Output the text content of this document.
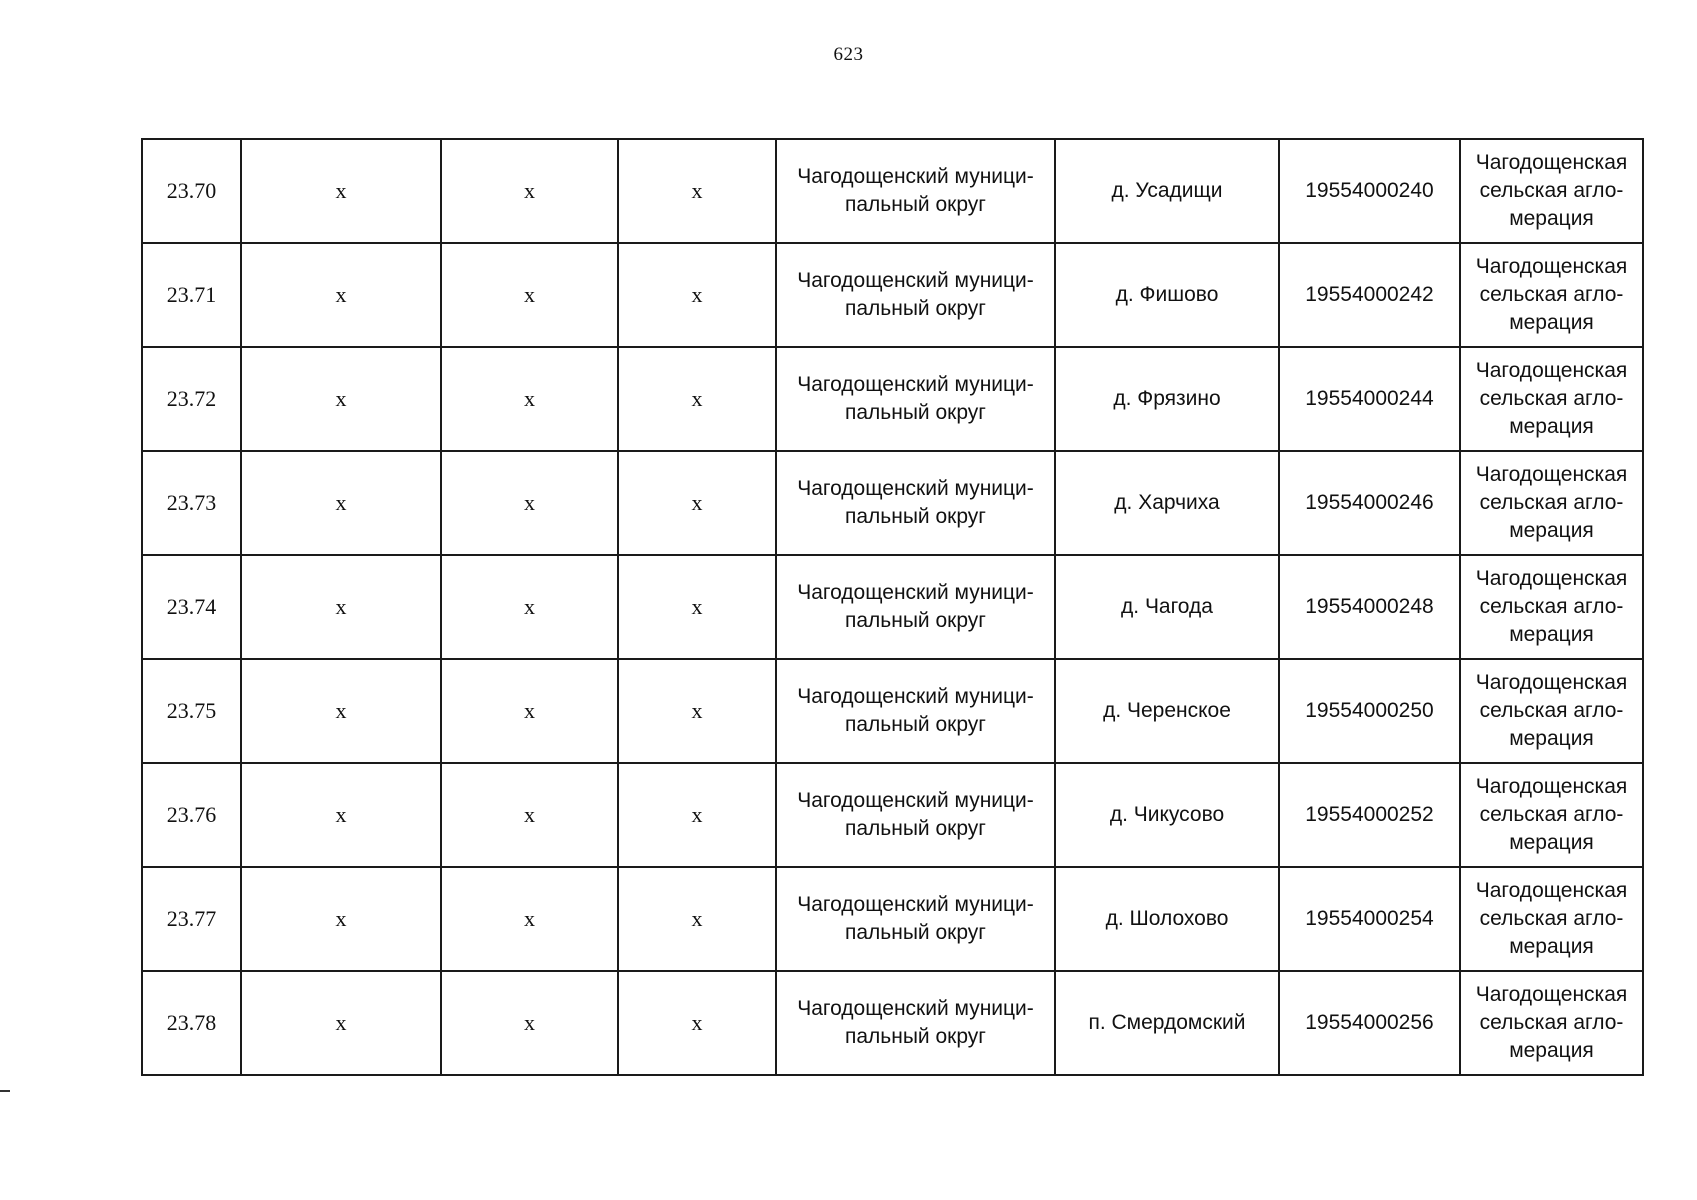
623
23.70	х	х	х	Чагодощенский муници-
пальный округ	д. Усадищи	19554000240	Чагодощенская
сельская агло-
мерация

23.71	х	х	х	Чагодощенский муници-
пальный округ	д. Фишово	19554000242	Чагодощенская
сельская агло-
мерация

23.72	х	х	х	Чагодощенский муници-
пальный округ	д. Фрязино	19554000244	Чагодощенская
сельская агло-
мерация

23.73	х	х	х	Чагодощенский муници-
пальный округ	д. Харчиха	19554000246	Чагодощенская
сельская агло-
мерация

23.74	х	х	х	Чагодощенский муници-
пальный округ	д. Чагода	19554000248	Чагодощенская
сельская агло-
мерация

23.75	х	х	х	Чагодощенский муници-
пальный округ	д. Черенское	19554000250	Чагодощенская
сельская агло-
мерация

23.76	х	х	х	Чагодощенский муници-
пальный округ	д. Чикусово	19554000252	Чагодощенская
сельская агло-
мерация

23.77	х	х	х	Чагодощенский муници-
пальный округ	д. Шолохово	19554000254	Чагодощенская
сельская агло-
мерация

23.78	х	х	х	Чагодощенский муници-
пальный округ	п. Смердомский	19554000256	Чагодощенская
сельская агло-
мерация
